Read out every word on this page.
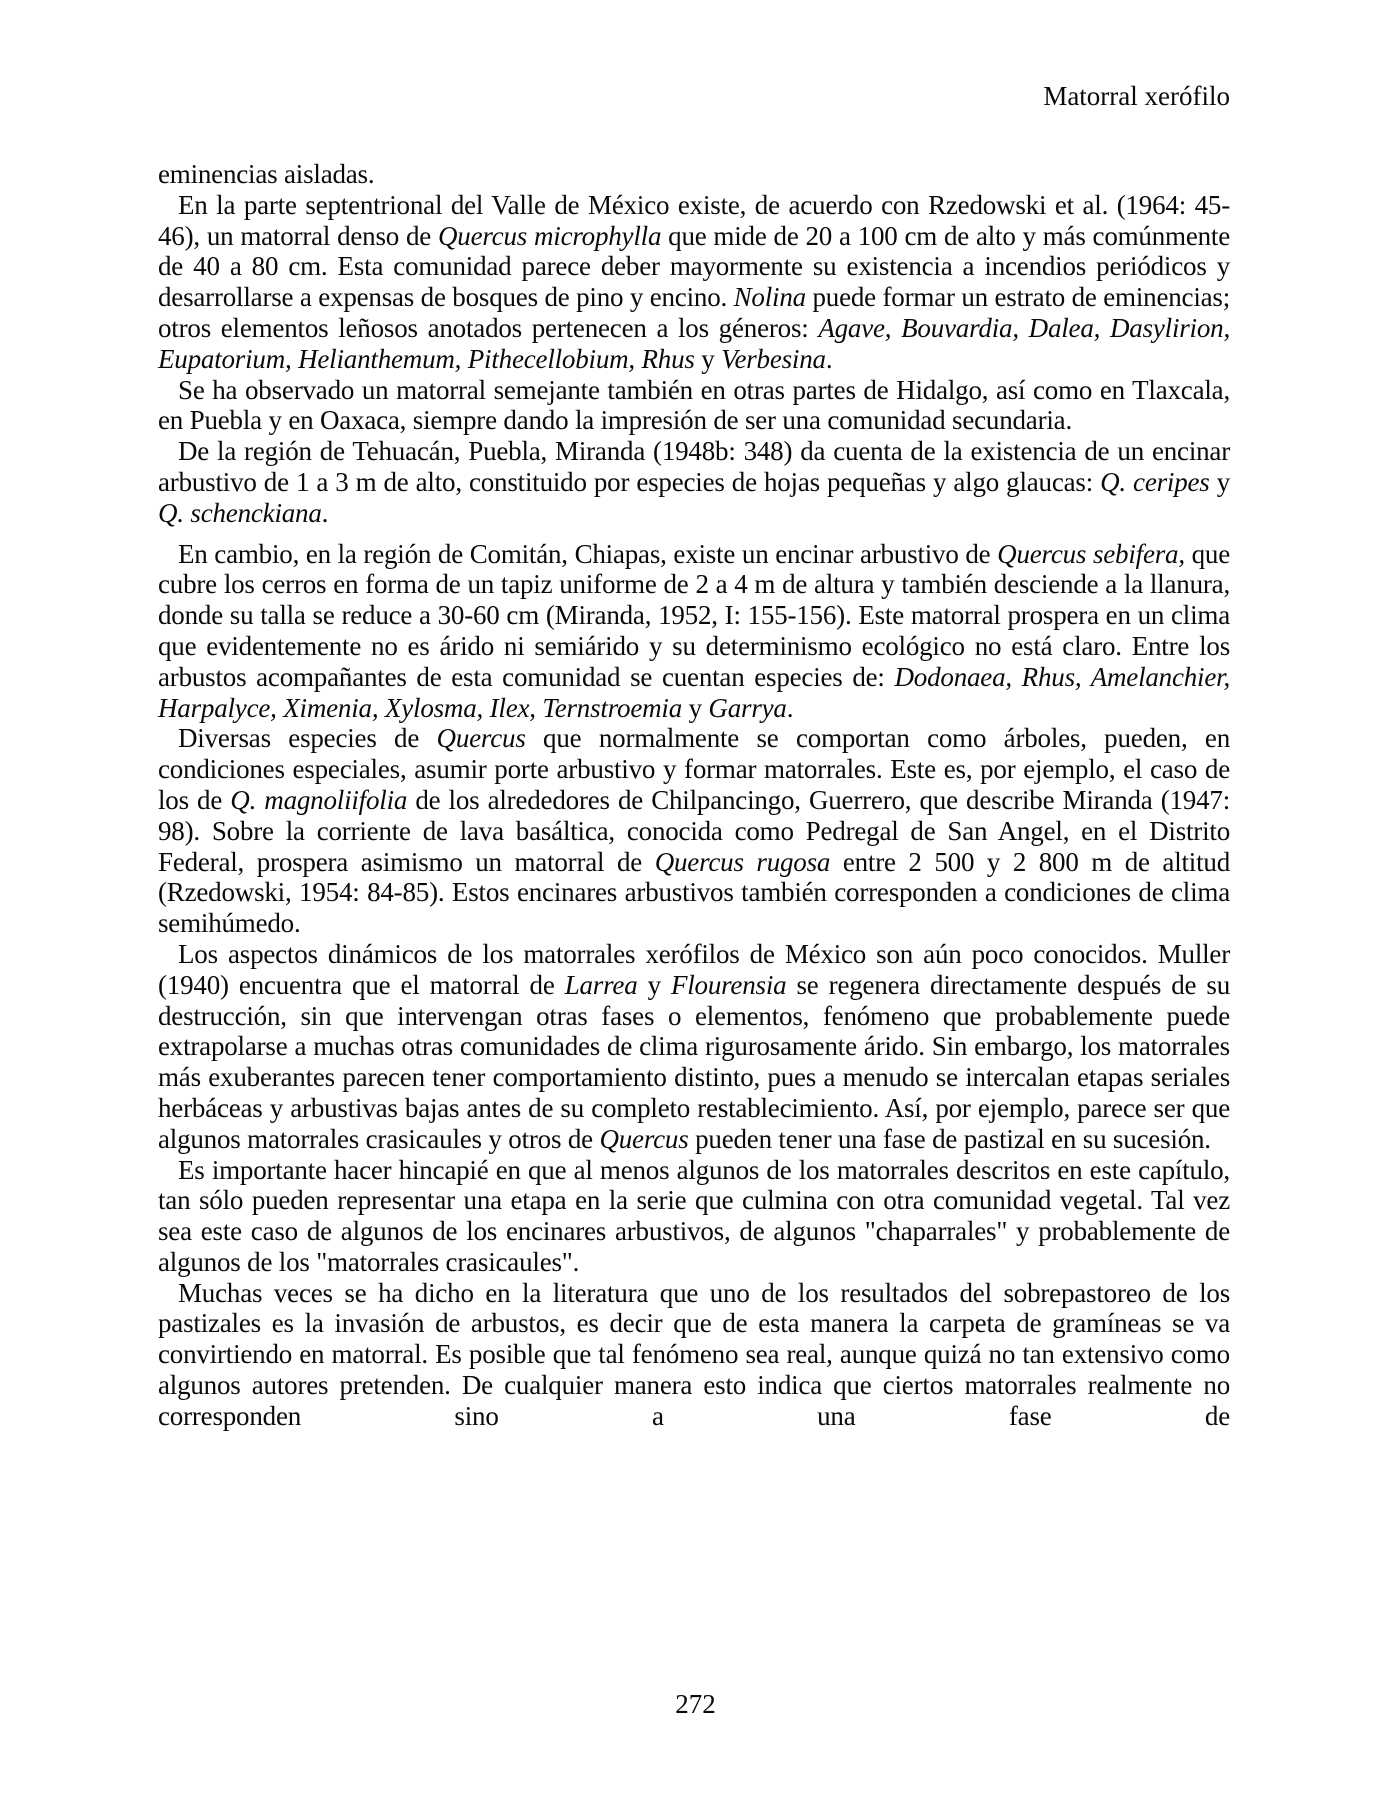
Matorral xerófilo

eminencias aisladas.

En la parte septentrional del Valle de México existe, de acuerdo con Rzedowski et al. (1964: 45-46), un matorral denso de Quercus microphylla que mide de 20 a 100 cm de alto y más comúnmente de 40 a 80 cm. Esta comunidad parece deber mayormente su existencia a incendios periódicos y desarrollarse a expensas de bosques de pino y encino. Nolina puede formar un estrato de eminencias; otros elementos leñosos anotados pertenecen a los géneros: Agave, Bouvardia, Dalea, Dasylirion, Eupatorium, Helianthemum, Pithecellobium, Rhus y Verbesina.

Se ha observado un matorral semejante también en otras partes de Hidalgo, así como en Tlaxcala, en Puebla y en Oaxaca, siempre dando la impresión de ser una comunidad secundaria.

De la región de Tehuacán, Puebla, Miranda (1948b: 348) da cuenta de la existencia de un encinar arbustivo de 1 a 3 m de alto, constituido por especies de hojas pequeñas y algo glaucas: Q. ceripes y Q. schenckiana.

En cambio, en la región de Comitán, Chiapas, existe un encinar arbustivo de Quercus sebifera, que cubre los cerros en forma de un tapiz uniforme de 2 a 4 m de altura y también desciende a la llanura, donde su talla se reduce a 30-60 cm (Miranda, 1952, I: 155-156). Este matorral prospera en un clima que evidentemente no es árido ni semiárido y su determinismo ecológico no está claro. Entre los arbustos acompañantes de esta comunidad se cuentan especies de: Dodonaea, Rhus, Amelanchier, Harpalyce, Ximenia, Xylosma, Ilex, Ternstroemia y Garrya.

Diversas especies de Quercus que normalmente se comportan como árboles, pueden, en condiciones especiales, asumir porte arbustivo y formar matorrales. Este es, por ejemplo, el caso de los de Q. magnoliifolia de los alrededores de Chilpancingo, Guerrero, que describe Miranda (1947: 98). Sobre la corriente de lava basáltica, conocida como Pedregal de San Angel, en el Distrito Federal, prospera asimismo un matorral de Quercus rugosa entre 2 500 y 2 800 m de altitud (Rzedowski, 1954: 84-85). Estos encinares arbustivos también corresponden a condiciones de clima semihúmedo.

Los aspectos dinámicos de los matorrales xerófilos de México son aún poco conocidos. Muller (1940) encuentra que el matorral de Larrea y Flourensia se regenera directamente después de su destrucción, sin que intervengan otras fases o elementos, fenómeno que probablemente puede extrapolarse a muchas otras comunidades de clima rigurosamente árido. Sin embargo, los matorrales más exuberantes parecen tener comportamiento distinto, pues a menudo se intercalan etapas seriales herbáceas y arbustivas bajas antes de su completo restablecimiento. Así, por ejemplo, parece ser que algunos matorrales crasicaules y otros de Quercus pueden tener una fase de pastizal en su sucesión.

Es importante hacer hincapié en que al menos algunos de los matorrales descritos en este capítulo, tan sólo pueden representar una etapa en la serie que culmina con otra comunidad vegetal. Tal vez sea este caso de algunos de los encinares arbustivos, de algunos "chaparrales" y probablemente de algunos de los "matorrales crasicaules".

Muchas veces se ha dicho en la literatura que uno de los resultados del sobrepastoreo de los pastizales es la invasión de arbustos, es decir que de esta manera la carpeta de gramíneas se va convirtiendo en matorral. Es posible que tal fenómeno sea real, aunque quizá no tan extensivo como algunos autores pretenden. De cualquier manera esto indica que ciertos matorrales realmente no corresponden sino a una fase de

272
